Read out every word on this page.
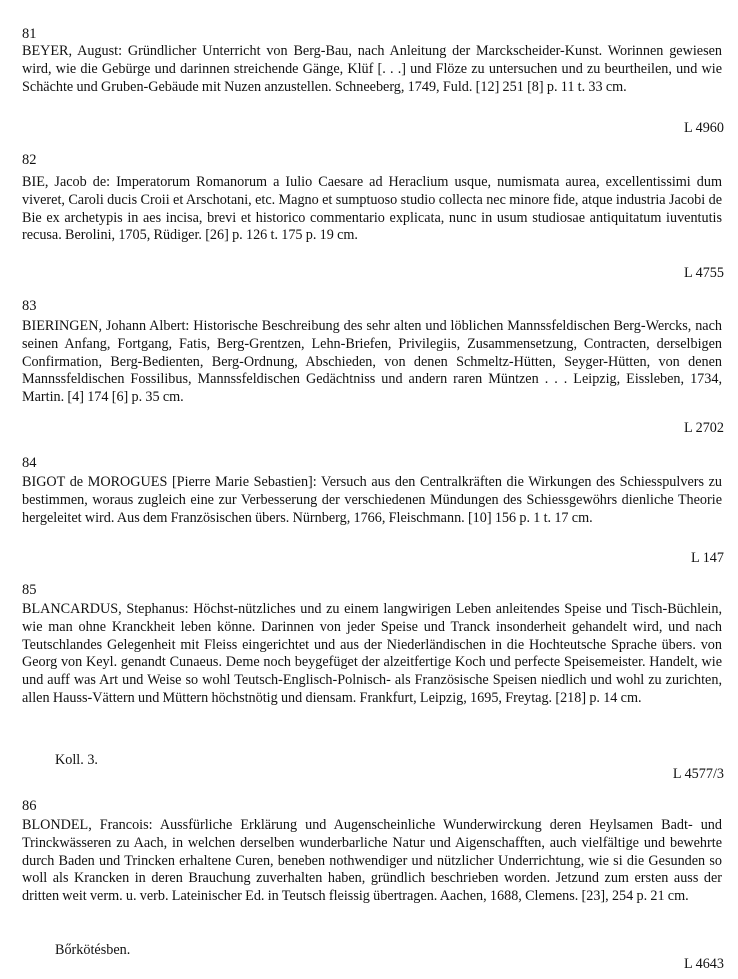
81
BEYER, August: Gründlicher Unterricht von Berg-Bau, nach Anleitung der Marckscheider-Kunst. Worinnen gewiesen wird, wie die Gebürge und darinnen streichende Gänge, Klüf [. . .] und Flöze zu untersuchen und zu beurtheilen, und wie Schächte und Gruben-Gebäude mit Nuzen anzustellen. Schneeberg, 1749, Fuld. [12] 251 [8] p. 11 t. 33 cm.
L 4960
82
BIE, Jacob de: Imperatorum Romanorum a Iulio Caesare ad Heraclium usque, numismata aurea, excellentissimi dum viveret, Caroli ducis Croii et Arschotani, etc. Magno et sumptuoso studio collecta nec minore fide, atque industria Jacobi de Bie ex archetypis in aes incisa, brevi et historico commentario explicata, nunc in usum studiosae antiquitatum iuventutis recusa. Berolini, 1705, Rüdiger. [26] p. 126 t. 175 p. 19 cm.
L 4755
83
BIERINGEN, Johann Albert: Historische Beschreibung des sehr alten und löblichen Mannssfeldischen Berg-Wercks, nach seinen Anfang, Fortgang, Fatis, Berg-Grentzen, Lehn-Briefen, Privilegiis, Zusammensetzung, Contracten, derselbigen Confirmation, Berg-Bedienten, Berg-Ordnung, Abschieden, von denen Schmeltz-Hütten, Seyger-Hütten, von denen Mannssfeldischen Fossilibus, Mannssfeldischen Gedächtniss und andern raren Müntzen . . . Leipzig, Eissleben, 1734, Martin. [4] 174 [6] p. 35 cm.
L 2702
84
BIGOT de MOROGUES [Pierre Marie Sebastien]: Versuch aus den Centralkräften die Wirkungen des Schiesspulvers zu bestimmen, woraus zugleich eine zur Verbesserung der verschiedenen Mündungen des Schiessgewöhrs dienliche Theorie hergeleitet wird. Aus dem Französischen übers. Nürnberg, 1766, Fleischmann. [10] 156 p. 1 t. 17 cm.
L 147
85
BLANCARDUS, Stephanus: Höchst-nützliches und zu einem langwirigen Leben anleitendes Speise und Tisch-Büchlein, wie man ohne Kranckheit leben könne. Darinnen von jeder Speise und Tranck insonderheit gehandelt wird, und nach Teutschlandes Gelegenheit mit Fleiss eingerichtet und aus der Niederländischen in die Hochteutsche Sprache übers. von Georg von Keyl. genandt Cunaeus. Deme noch beygefüget der alzeitfertige Koch und perfecte Speisemeister. Handelt, wie und auff was Art und Weise so wohl Teutsch-Englisch-Polnisch- als Französische Speisen niedlich und wohl zu zurichten, allen Hauss-Vättern und Müttern höchstnötig und diensam. Frankfurt, Leipzig, 1695, Freytag. [218] p. 14 cm.
Koll. 3.
L 4577/3
86
BLONDEL, Francois: Aussfürliche Erklärung und Augenscheinliche Wunderwirckung deren Heylsamen Badt- und Trinckwässeren zu Aach, in welchen derselben wunderbarliche Natur und Aigenschafften, auch vielfältige und bewehrte durch Baden und Trincken erhaltene Curen, beneben nothwendiger und nützlicher Underrichtung, wie si die Gesunden so woll als Krancken in deren Brauchung zuverhalten haben, gründlich beschrieben worden. Jetzund zum ersten auss der dritten weit verm. u. verb. Lateinischer Ed. in Teutsch fleissig übertragen. Aachen, 1688, Clemens. [23], 254 p. 21 cm.
Bőrkötésben.
L 4643
